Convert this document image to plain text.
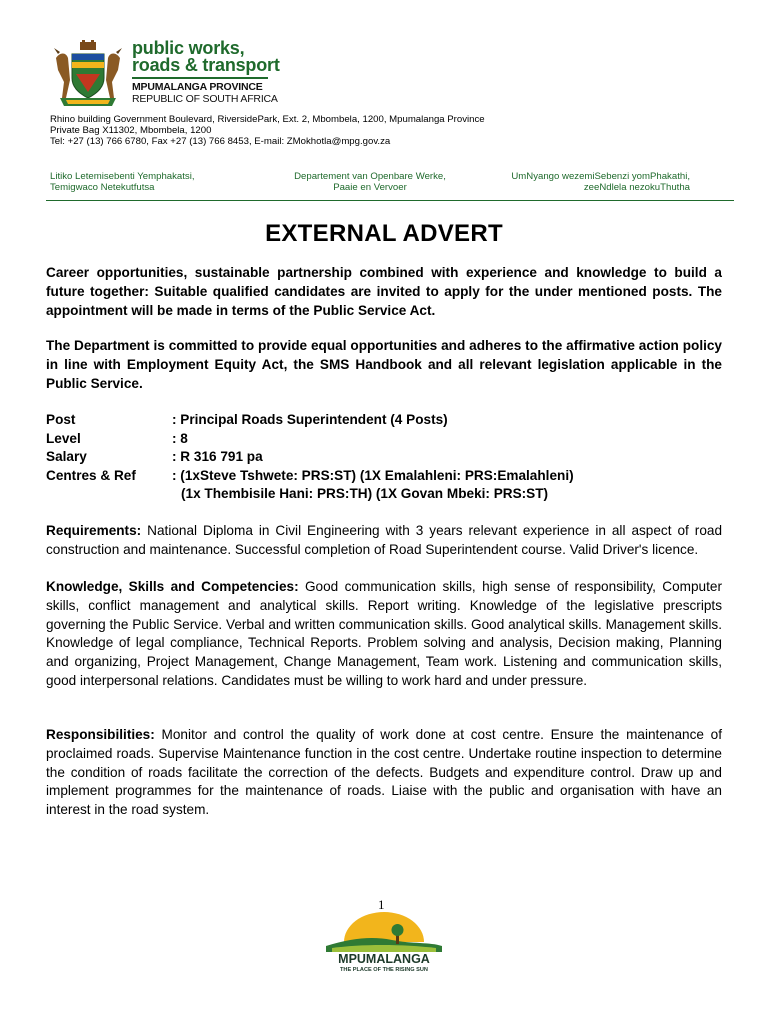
public works,
roads & transport
MPUMALANGA PROVINCE
REPUBLIC OF SOUTH AFRICA
Rhino building Government Boulevard, RiversidePark, Ext. 2, Mbombela, 1200, Mpumalanga Province
Private Bag X11302, Mbombela, 1200
Tel: +27 (13) 766 6780, Fax +27 (13) 766 8453, E-mail: ZMokhotla@mpg.gov.za
Litiko Letemisebenti Yemphakatsi,
Temigwaco Netekutfutsa
Departement van Openbare Werke,
Paaie en Vervoer
UmNyango wezemiSebenzi yomPhakathi,
zeeNdlela nezokuThutha
EXTERNAL ADVERT

Career opportunities, sustainable partnership combined with experience and knowledge to build a future together: Suitable qualified candidates are invited to apply for the under mentioned posts. The appointment will be made in terms of the Public Service Act.

The Department is committed to provide equal opportunities and adheres to the affirmative action policy in line with Employment Equity Act, the SMS Handbook and all relevant legislation applicable in the Public Service.

Post	: Principal Roads Superintendent (4 Posts)
Level	: 8
Salary	: R 316 791 pa
Centres & Ref	: (1xSteve Tshwete: PRS:ST) (1X Emalahleni: PRS:Emalahleni)
(1x Thembisile Hani: PRS:TH) (1X Govan Mbeki: PRS:ST)

Requirements: National Diploma in Civil Engineering with 3 years relevant experience in all aspect of road construction and maintenance. Successful completion of Road Superintendent course. Valid Driver's licence.

Knowledge, Skills and Competencies: Good communication skills, high sense of responsibility, Computer skills, conflict management and analytical skills. Report writing. Knowledge of the legislative prescripts governing the Public Service. Verbal and written communication skills. Good analytical skills. Management skills. Knowledge of legal compliance, Technical Reports. Problem solving and analysis, Decision making, Planning and organizing, Project Management, Change Management, Team work. Listening and communication skills, good interpersonal relations. Candidates must be willing to work hard and under pressure.

Responsibilities: Monitor and control the quality of work done at cost centre. Ensure the maintenance of proclaimed roads. Supervise Maintenance function in the cost centre. Undertake routine inspection to determine the condition of roads facilitate the correction of the defects. Budgets and expenditure control. Draw up and implement programmes for the maintenance of roads. Liaise with the public and organisation with have an interest in the road system.

1
MPUMALANGA
THE PLACE OF THE RISING SUN
